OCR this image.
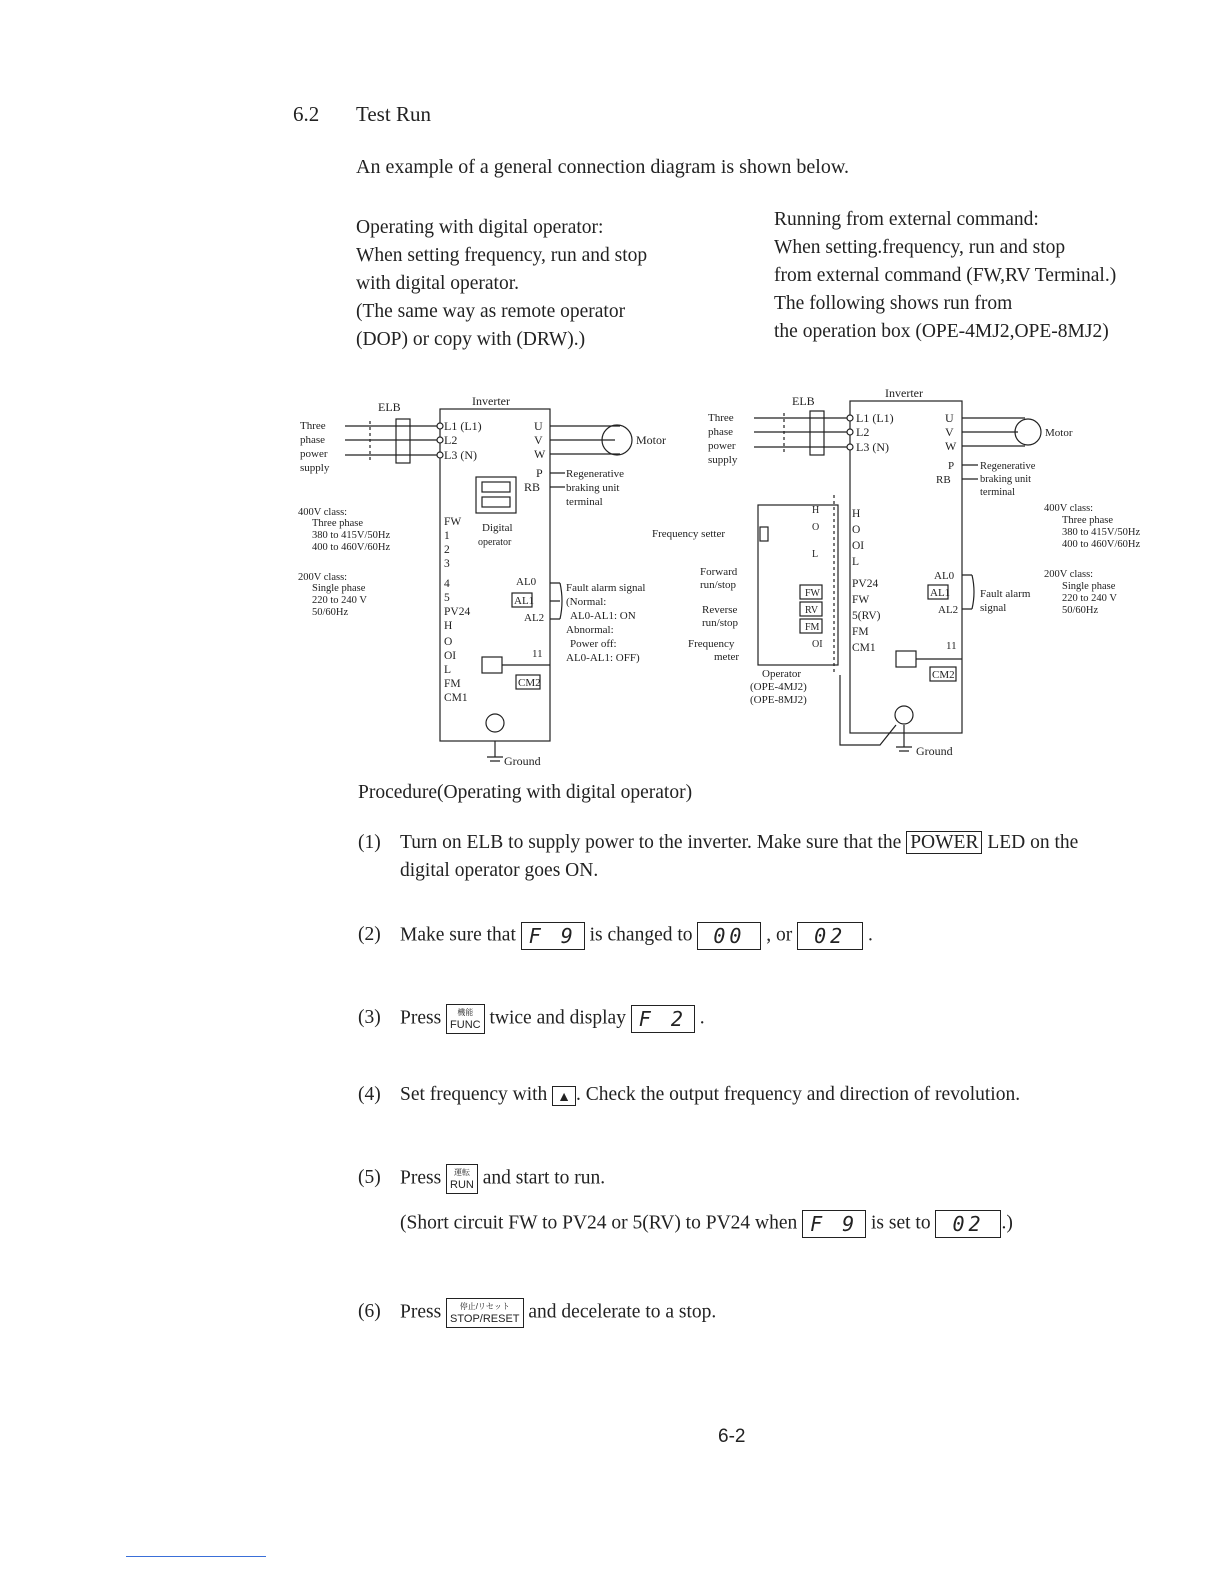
6.2 Test Run
An example of a general connection diagram is shown below.
Operating with digital operator:
When setting frequency, run and stop
with digital operator.
(The same way as remote operator
(DOP) or copy with (DRW).)
Running from external command:
When setting.frequency, run and stop
from external command (FW,RV Terminal.)
The following shows run from
the operation box (OPE-4MJ2,OPE-8MJ2)
Inverter
ELB
Three
phase
power
supply
L1 (L1)
L2
L3 (N)
U
V
W
Motor
P
RB
Regenerative
braking unit
terminal
Digital
operator
400V class:
Three phase
380 to 415V/50Hz
400 to 460V/60Hz
200V class:
Single phase
220 to 240 V
50/60Hz
FW
1
2
3
4
5
PV24
H
O
OI
L
FM
CM1
AL0
AL1
AL2
Fault alarm signal
(Normal:
AL0-AL1: ON
Abnormal:
Power off:
AL0-AL1: OFF)
CM2
11
Ground
Inverter
ELB
Three
phase
power
supply
L1 (L1)
L2
L3 (N)
U
V
W
Motor
P
RB
Regenerative
braking unit
terminal
400V class:
Three phase
380 to 415V/50Hz
400 to 460V/60Hz
200V class:
Single phase
220 to 240 V
50/60Hz
Frequency setter
Forward
run/stop
Reverse
run/stop
Frequency
meter
Operator
(OPE-4MJ2)
(OPE-8MJ2)
H
O
L
FW
RV
FM
OI
H
O
OI
L
PV24
FW
5(RV)
FM
CM1
AL0
AL1
AL2
Fault alarm
signal
CM2
11
Ground
Procedure(Operating with digital operator)
(1) Turn on ELB to supply power to the inverter. Make sure that the POWER LED on the
digital operator goes ON.
(2) Make sure that F 9 is changed to 00 , or 02 .
(3) Press	機能
FUNC twice and display F 2 .
(4) Set frequency with ▲ . Check the output frequency and direction of revolution.
(5) Press	運転
RUN and start to run.
(Short circuit FW to PV24 or 5(RV) to PV24 when F 9 is set to 02 .)
(6) Press	停止/リセット
STOP/RESET and decelerate to a stop.
6-2
